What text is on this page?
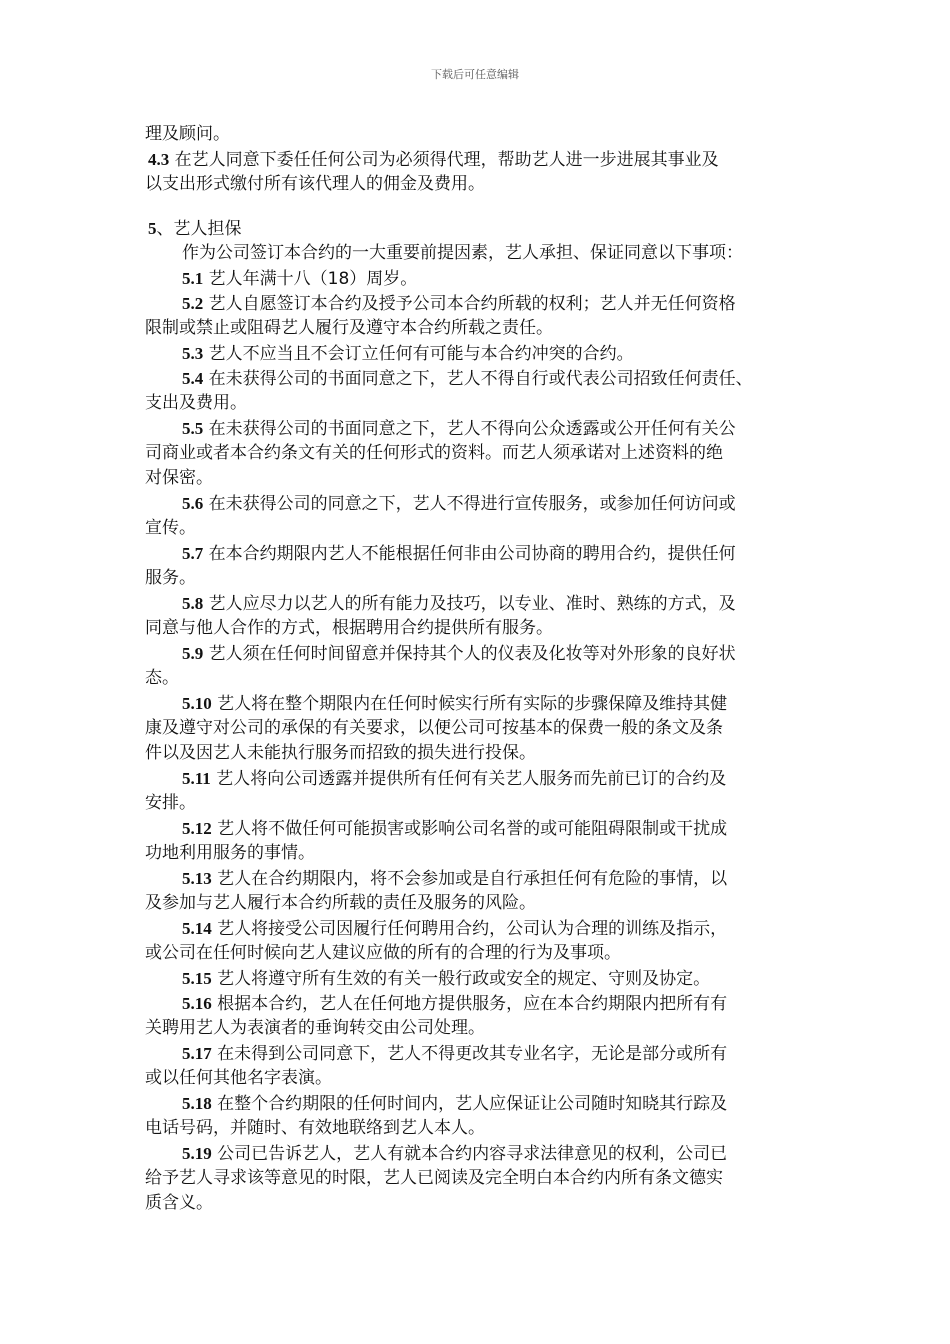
下载后可任意编辑
理及顾问。
4.3 在艺人同意下委任任何公司为必须得代理，帮助艺人进一步进展其事业及
以支出形式缴付所有该代理人的佣金及费用。
5、艺人担保
作为公司签订本合约的一大重要前提因素，艺人承担、保证同意以下事项：
5.1 艺人年满十八（18）周岁。
5.2 艺人自愿签订本合约及授予公司本合约所载的权利；艺人并无任何资格
限制或禁止或阻碍艺人履行及遵守本合约所载之责任。
5.3 艺人不应当且不会订立任何有可能与本合约冲突的合约。
5.4 在未获得公司的书面同意之下，艺人不得自行或代表公司招致任何责任、
支出及费用。
5.5 在未获得公司的书面同意之下，艺人不得向公众透露或公开任何有关公
司商业或者本合约条文有关的任何形式的资料。而艺人须承诺对上述资料的绝
对保密。
5.6 在未获得公司的同意之下，艺人不得进行宣传服务，或参加任何访问或
宣传。
5.7 在本合约期限内艺人不能根据任何非由公司协商的聘用合约，提供任何
服务。
5.8 艺人应尽力以艺人的所有能力及技巧，以专业、准时、熟练的方式，及
同意与他人合作的方式，根据聘用合约提供所有服务。
5.9 艺人须在任何时间留意并保持其个人的仪表及化妆等对外形象的良好状
态。
5.10 艺人将在整个期限内在任何时候实行所有实际的步骤保障及维持其健
康及遵守对公司的承保的有关要求，以便公司可按基本的保费一般的条文及条
件以及因艺人未能执行服务而招致的损失进行投保。
5.11 艺人将向公司透露并提供所有任何有关艺人服务而先前已订的合约及
安排。
5.12 艺人将不做任何可能损害或影响公司名誉的或可能阻碍限制或干扰成
功地利用服务的事情。
5.13 艺人在合约期限内，将不会参加或是自行承担任何有危险的事情，以
及参加与艺人履行本合约所载的责任及服务的风险。
5.14 艺人将接受公司因履行任何聘用合约，公司认为合理的训练及指示，
或公司在任何时候向艺人建议应做的所有的合理的行为及事项。
5.15 艺人将遵守所有生效的有关一般行政或安全的规定、守则及协定。
5.16 根据本合约，艺人在任何地方提供服务，应在本合约期限内把所有有
关聘用艺人为表演者的垂询转交由公司处理。
5.17 在未得到公司同意下，艺人不得更改其专业名字，无论是部分或所有
或以任何其他名字表演。
5.18 在整个合约期限的任何时间内，艺人应保证让公司随时知晓其行踪及
电话号码，并随时、有效地联络到艺人本人。
5.19 公司已告诉艺人，艺人有就本合约内容寻求法律意见的权利，公司已
给予艺人寻求该等意见的时限，艺人已阅读及完全明白本合约内所有条文德实
质含义。
